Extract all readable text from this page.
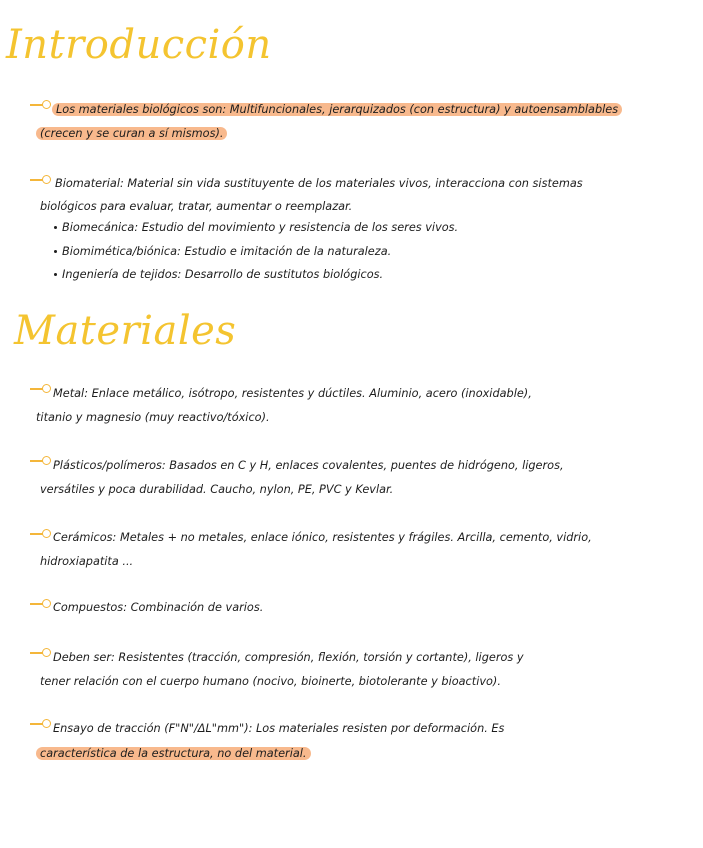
Introducción
Los materiales biológicos son: Multifuncionales, jerarquizados (con estructura) y autoensamblables
(crecen y se curan a sí mismos).
Biomaterial: Material sin vida sustituyente de los materiales vivos, interacciona con sistemas
biológicos para evaluar, tratar, aumentar o reemplazar.
Biomecánica: Estudio del movimiento y resistencia de los seres vivos.
Biomimética/biónica: Estudio e imitación de la naturaleza.
Ingeniería de tejidos: Desarrollo de sustitutos biológicos.
Materiales
Metal: Enlace metálico, isótropo, resistentes y dúctiles. Aluminio, acero (inoxidable),
titanio y magnesio (muy reactivo/tóxico).
Plásticos/polímeros: Basados en C y H, enlaces covalentes, puentes de hidrógeno, ligeros,
versátiles y poca durabilidad. Caucho, nylon, PE, PVC y Kevlar.
Cerámicos: Metales + no metales, enlace iónico, resistentes y frágiles. Arcilla, cemento, vidrio,
hidroxiapatita ...
Compuestos: Combinación de varios.
Deben ser: Resistentes (tracción, compresión, flexión, torsión y cortante), ligeros y
tener relación con el cuerpo humano (nocivo, bioinerte, biotolerante y bioactivo).
Ensayo de tracción (F"N"/ΔL"mm"): Los materiales resisten por deformación. Es
característica de la estructura, no del material.
